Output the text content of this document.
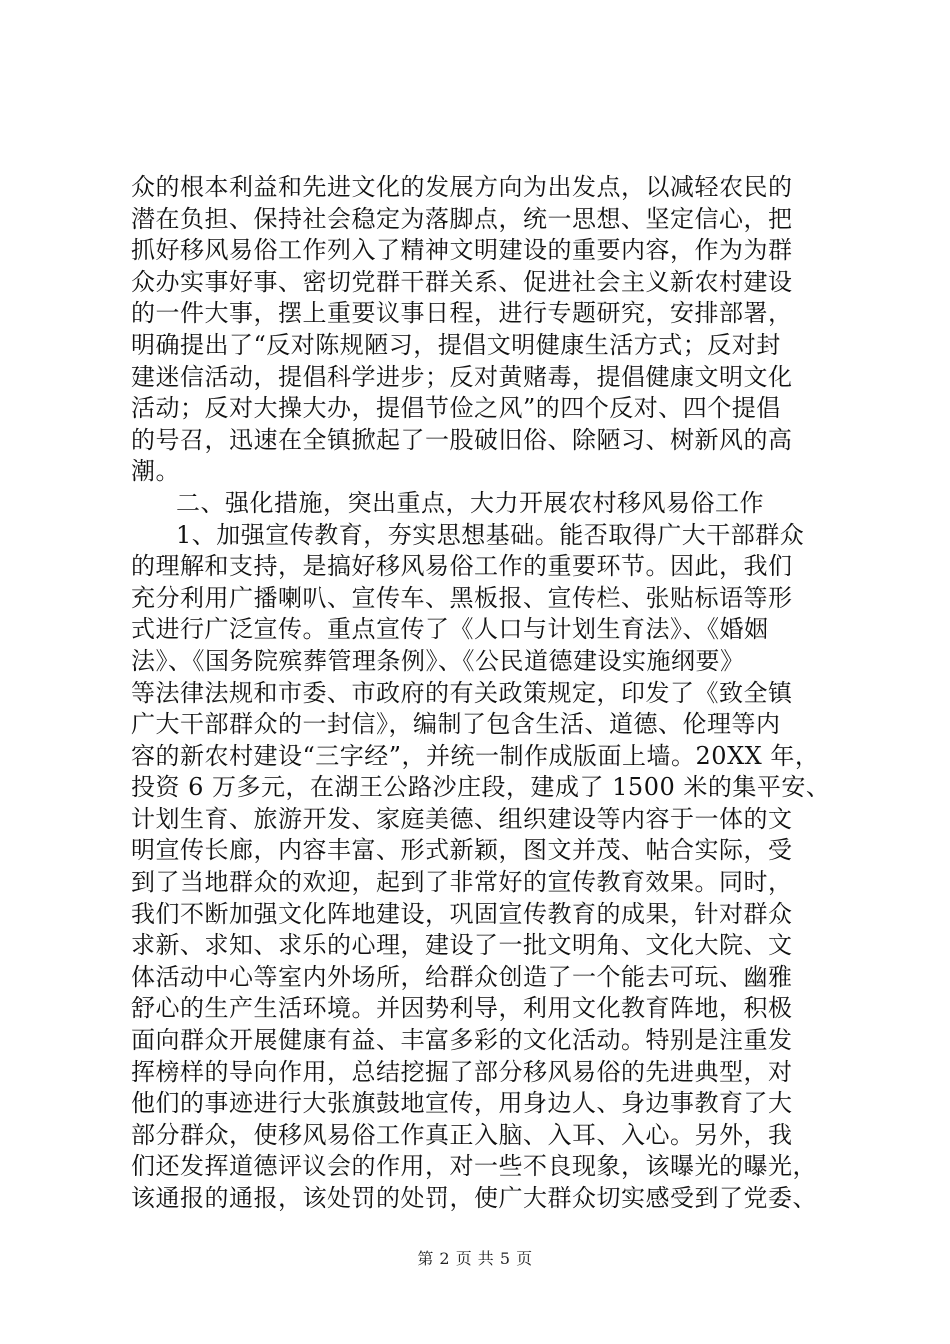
众的根本利益和先进文化的发展方向为出发点，以减轻农民的
潜在负担、保持社会稳定为落脚点，统一思想、坚定信心，把
抓好移风易俗工作列入了精神文明建设的重要内容，作为为群
众办实事好事、密切党群干群关系、促进社会主义新农村建设
的一件大事，摆上重要议事日程，进行专题研究，安排部署，
明确提出了“反对陈规陋习，提倡文明健康生活方式；反对封
建迷信活动，提倡科学进步；反对黄赌毒，提倡健康文明文化
活动；反对大操大办，提倡节俭之风”的四个反对、四个提倡
的号召，迅速在全镇掀起了一股破旧俗、除陋习、树新风的高
潮。
二、强化措施，突出重点，大力开展农村移风易俗工作
1、加强宣传教育，夯实思想基础。能否取得广大干部群众
的理解和支持，是搞好移风易俗工作的重要环节。因此，我们
充分利用广播喇叭、宣传车、黑板报、宣传栏、张贴标语等形
式进行广泛宣传。重点宣传了《人口与计划生育法》、《婚姻
法》、《国务院殡葬管理条例》、《公民道德建设实施纲要》
等法律法规和市委、市政府的有关政策规定，印发了《致全镇
广大干部群众的一封信》，编制了包含生活、道德、伦理等内
容的新农村建设“三字经”，并统一制作成版面上墙。20XX 年，
投资 6 万多元，在湖王公路沙庄段，建成了 1500 米的集平安、
计划生育、旅游开发、家庭美德、组织建设等内容于一体的文
明宣传长廊，内容丰富、形式新颖，图文并茂、帖合实际，受
到了当地群众的欢迎，起到了非常好的宣传教育效果。同时，
我们不断加强文化阵地建设，巩固宣传教育的成果，针对群众
求新、求知、求乐的心理，建设了一批文明角、文化大院、文
体活动中心等室内外场所，给群众创造了一个能去可玩、幽雅
舒心的生产生活环境。并因势利导，利用文化教育阵地，积极
面向群众开展健康有益、丰富多彩的文化活动。特别是注重发
挥榜样的导向作用，总结挖掘了部分移风易俗的先进典型，对
他们的事迹进行大张旗鼓地宣传，用身边人、身边事教育了大
部分群众，使移风易俗工作真正入脑、入耳、入心。另外，我
们还发挥道德评议会的作用，对一些不良现象，该曝光的曝光，
该通报的通报，该处罚的处罚，使广大群众切实感受到了党委、
第 2 页 共 5 页
